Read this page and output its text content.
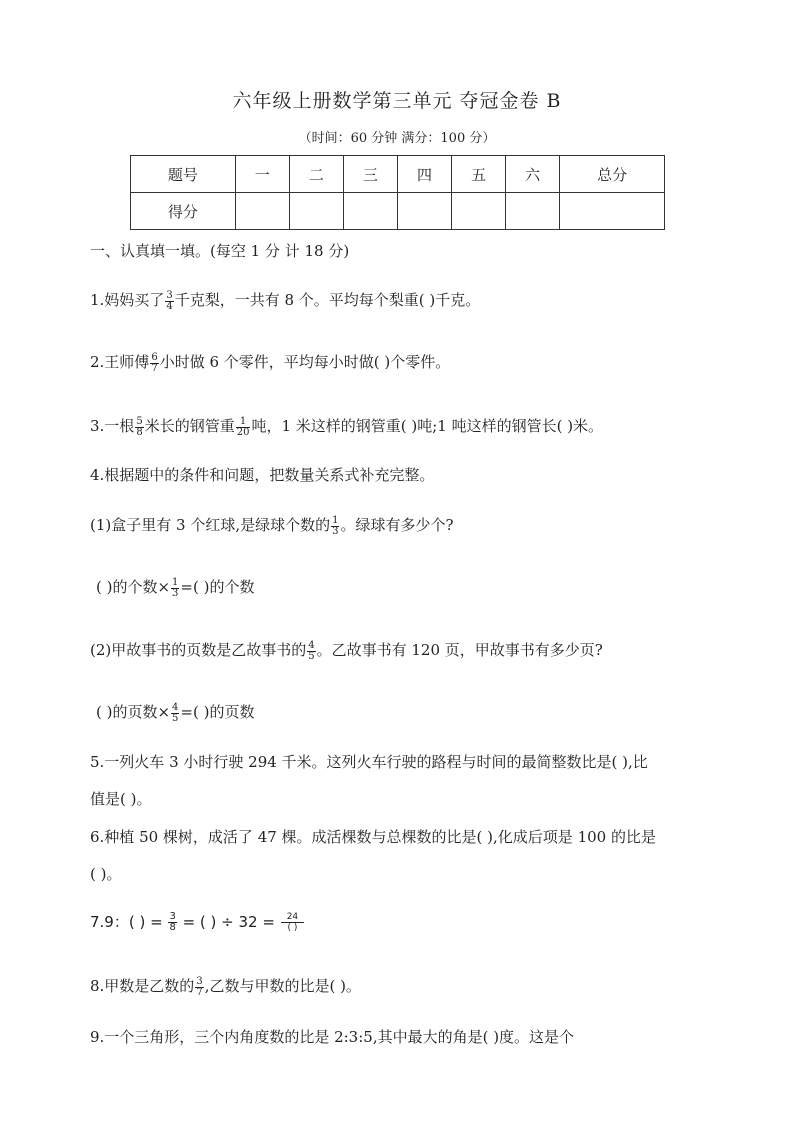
六年级上册数学第三单元 夺冠金卷 B
（时间：60 分钟 满分：100 分）
题号	一	二	三	四	五	六	总分
得分							
一、认真填一填。(每空 1 分 计 18 分)
1.妈妈买了 $\frac{3}{4}$ 千克梨，一共有 8 个。平均每个梨重( )千克。
2.王师傅 $\frac{6}{7}$ 小时做 6 个零件，平均每小时做( )个零件。
3.一根 $\frac{5}{8}$ 米长的钢管重 $\frac{1}{20}$ 吨，1 米这样的钢管重( )吨;1 吨这样的钢管长( )米。
4.根据题中的条件和问题，把数量关系式补充完整。
(1)盒子里有 3 个红球,是绿球个数的 $\frac{1}{3}$ 。绿球有多少个?
( )的个数× $\frac{1}{3}$ =( )的个数
(2)甲故事书的页数是乙故事书的 $\frac{4}{5}$ 。乙故事书有 120 页，甲故事书有多少页?
( )的页数× $\frac{4}{5}$ =( )的页数
5.一列火车 3 小时行驶 294 千米。这列火车行驶的路程与时间的最简整数比是( ),比
值是( )。
6.种植 50 棵树，成活了 47 棵。成活棵数与总棵数的比是( ),化成后项是 100 的比是
( )。
7.9：( ) = $\frac{3}{8}$ = ( ) ÷ $32 = \frac{24}{( )}$
8.甲数是乙数的 $\frac{3}{7}$ ,乙数与甲数的比是( )。
9.一个三角形，三个内角度数的比是 2:3:5,其中最大的角是( )度。这是个
